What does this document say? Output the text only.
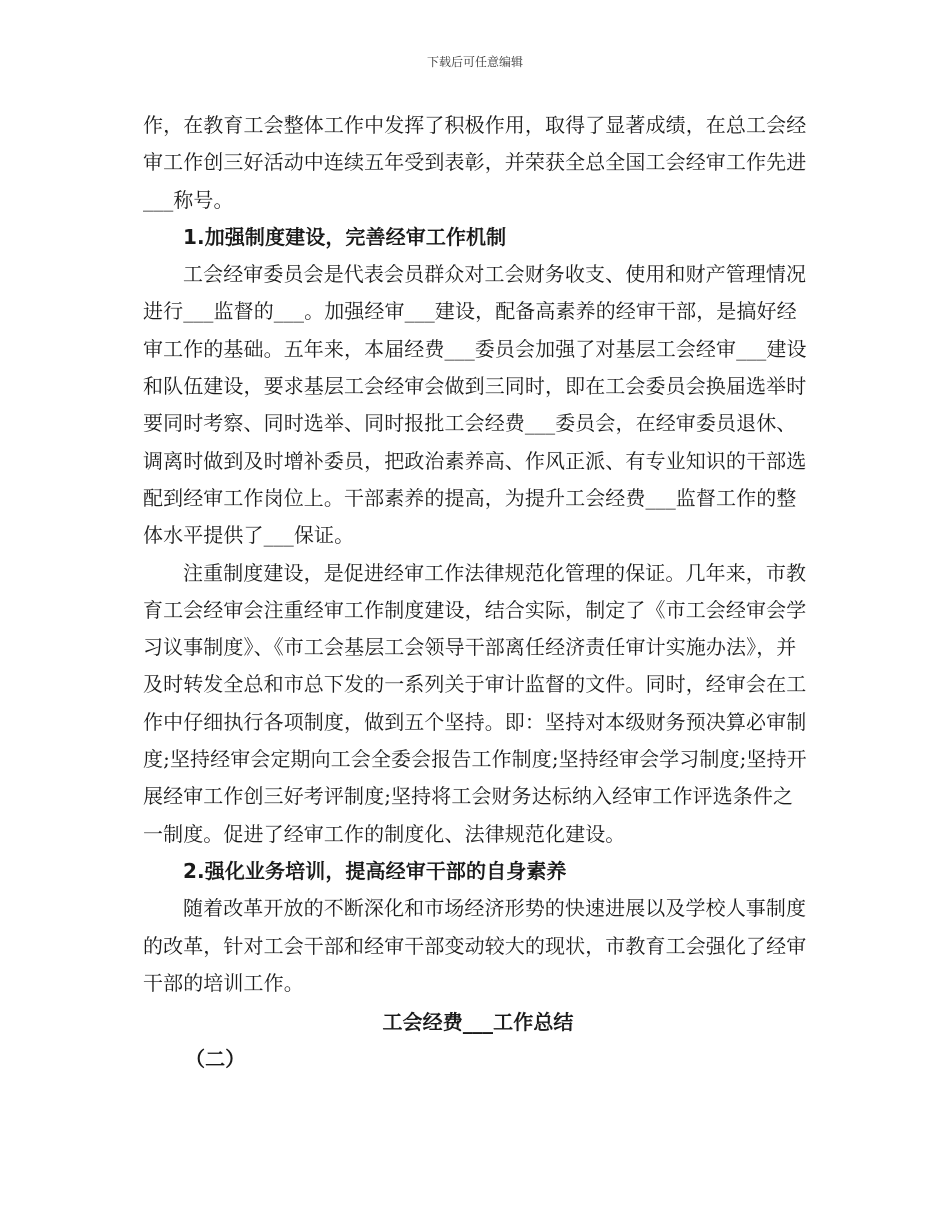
下载后可任意编辑

作，在教育工会整体工作中发挥了积极作用，取得了显著成绩，在总工会经审工作创三好活动中连续五年受到表彰，并荣获全总全国工会经审工作先进___称号。

1.加强制度建设，完善经审工作机制

工会经审委员会是代表会员群众对工会财务收支、使用和财产管理情况进行___监督的___。加强经审___建设，配备高素养的经审干部，是搞好经审工作的基础。五年来，本届经费___委员会加强了对基层工会经审___建设和队伍建设，要求基层工会经审会做到三同时，即在工会委员会换届选举时要同时考察、同时选举、同时报批工会经费___委员会，在经审委员退休、调离时做到及时增补委员，把政治素养高、作风正派、有专业知识的干部选配到经审工作岗位上。干部素养的提高，为提升工会经费___监督工作的整体水平提供了___保证。

注重制度建设，是促进经审工作法律规范化管理的保证。几年来，市教育工会经审会注重经审工作制度建设，结合实际，制定了《市工会经审会学习议事制度》、《市工会基层工会领导干部离任经济责任审计实施办法》，并及时转发全总和市总下发的一系列关于审计监督的文件。同时，经审会在工作中仔细执行各项制度，做到五个坚持。即：坚持对本级财务预决算必审制度;坚持经审会定期向工会全委会报告工作制度;坚持经审会学习制度;坚持开展经审工作创三好考评制度;坚持将工会财务达标纳入经审工作评选条件之一制度。促进了经审工作的制度化、法律规范化建设。

2.强化业务培训，提高经审干部的自身素养

随着改革开放的不断深化和市场经济形势的快速进展以及学校人事制度的改革，针对工会干部和经审干部变动较大的现状，市教育工会强化了经审干部的培训工作。

工会经费___工作总结

（二）
